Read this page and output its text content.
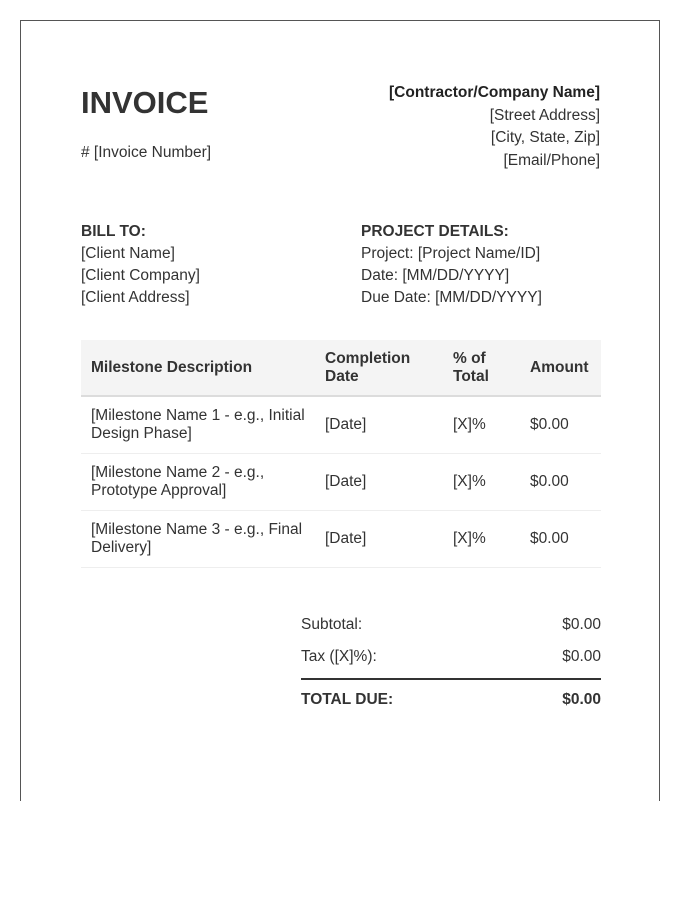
INVOICE
# [Invoice Number]
[Contractor/Company Name]
[Street Address]
[City, State, Zip]
[Email/Phone]
BILL TO:
[Client Name]
[Client Company]
[Client Address]
PROJECT DETAILS:
Project: [Project Name/ID]
Date: [MM/DD/YYYY]
Due Date: [MM/DD/YYYY]
Milestone Description	Completion Date	% of Total	Amount
[Milestone Name 1 - e.g., Initial Design Phase]	[Date]	[X]%	$0.00
[Milestone Name 2 - e.g., Prototype Approval]	[Date]	[X]%	$0.00
[Milestone Name 3 - e.g., Final Delivery]	[Date]	[X]%	$0.00
Subtotal:	$0.00
Tax ([X]%):	$0.00
TOTAL DUE:	$0.00
